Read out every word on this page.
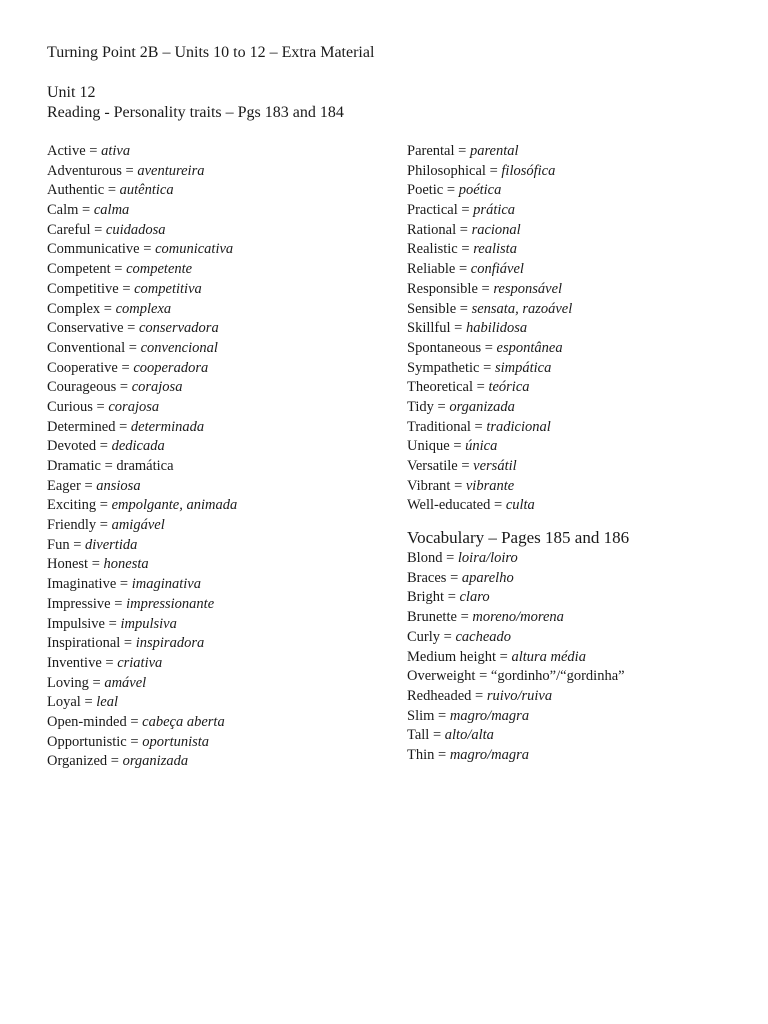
Turning Point 2B – Units 10 to 12 – Extra Material
Unit 12
Reading - Personality traits – Pgs 183 and 184
Active = ativa
Adventurous = aventureira
Authentic = autêntica
Calm = calma
Careful = cuidadosa
Communicative = comunicativa
Competent = competente
Competitive = competitiva
Complex = complexa
Conservative = conservadora
Conventional = convencional
Cooperative = cooperadora
Courageous = corajosa
Curious = corajosa
Determined = determinada
Devoted = dedicada
Dramatic = dramática
Eager = ansiosa
Exciting = empolgante, animada
Friendly = amigável
Fun = divertida
Honest = honesta
Imaginative = imaginativa
Impressive = impressionante
Impulsive = impulsiva
Inspirational = inspiradora
Inventive = criativa
Loving = amável
Loyal = leal
Open-minded = cabeça aberta
Opportunistic = oportunista
Organized = organizada
Parental = parental
Philosophical = filosófica
Poetic = poética
Practical = prática
Rational = racional
Realistic = realista
Reliable = confiável
Responsible = responsável
Sensible = sensata, razoável
Skillful = habilidosa
Spontaneous = espontânea
Sympathetic = simpática
Theoretical = teórica
Tidy = organizada
Traditional = tradicional
Unique = única
Versatile = versátil
Vibrant = vibrante
Well-educated = culta
Vocabulary – Pages 185 and 186
Blond = loira/loiro
Braces = aparelho
Bright = claro
Brunette = moreno/morena
Curly = cacheado
Medium height = altura média
Overweight = “gordinho”/“gordinha”
Redheaded = ruivo/ruiva
Slim = magro/magra
Tall = alto/alta
Thin = magro/magra
